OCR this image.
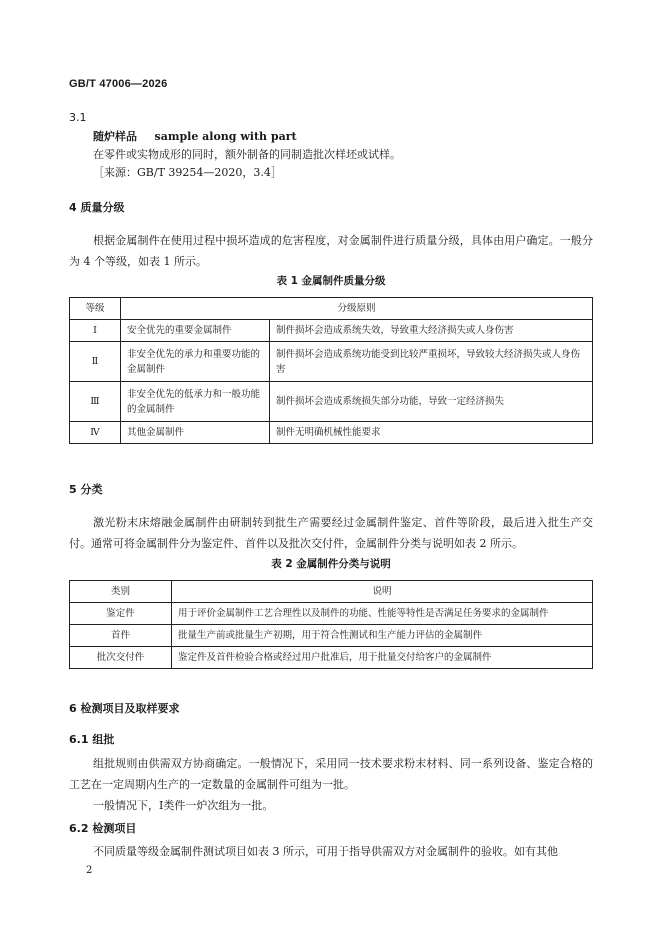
GB/T 47006—2026
3.1
随炉样品 sample along with part
在零件或实物成形的同时，额外制备的同制造批次样坯或试样。
［来源：GB/T 39254—2020，3.4］
4 质量分级
根据金属制件在使用过程中损坏造成的危害程度，对金属制件进行质量分级，具体由用户确定。一般分为 4 个等级，如表 1 所示。
表 1 金属制件质量分级
等级	分级原则	
Ⅰ	安全优先的重要金属制件	制件损坏会造成系统失效，导致重大经济损失或人身伤害
Ⅱ	非安全优先的承力和重要功能的金属制件	制件损坏会造成系统功能受到比较严重损坏，导致较大经济损失或人身伤害
Ⅲ	非安全优先的低承力和一般功能的金属制件	制件损坏会造成系统损失部分功能，导致一定经济损失
Ⅳ	其他金属制件	制件无明确机械性能要求
5 分类
激光粉末床熔融金属制件由研制转到批生产需要经过金属制件鉴定、首件等阶段，最后进入批生产交付。通常可将金属制件分为鉴定件、首件以及批次交付件，金属制件分类与说明如表 2 所示。
表 2 金属制件分类与说明
类别	说明
鉴定件	用于评价金属制件工艺合理性以及制件的功能、性能等特性是否满足任务要求的金属制件
首件	批量生产前或批量生产初期，用于符合性测试和生产能力评估的金属制件
批次交付件	鉴定件及首件检验合格或经过用户批准后，用于批量交付给客户的金属制件
6 检测项目及取样要求
6.1 组批
组批规则由供需双方协商确定。一般情况下，采用同一技术要求粉末材料、同一系列设备、鉴定合格的工艺在一定周期内生产的一定数量的金属制件可组为一批。
一般情况下，Ⅰ类件一炉次组为一批。
6.2 检测项目
不同质量等级金属制件测试项目如表 3 所示，可用于指导供需双方对金属制件的验收。如有其他
2
